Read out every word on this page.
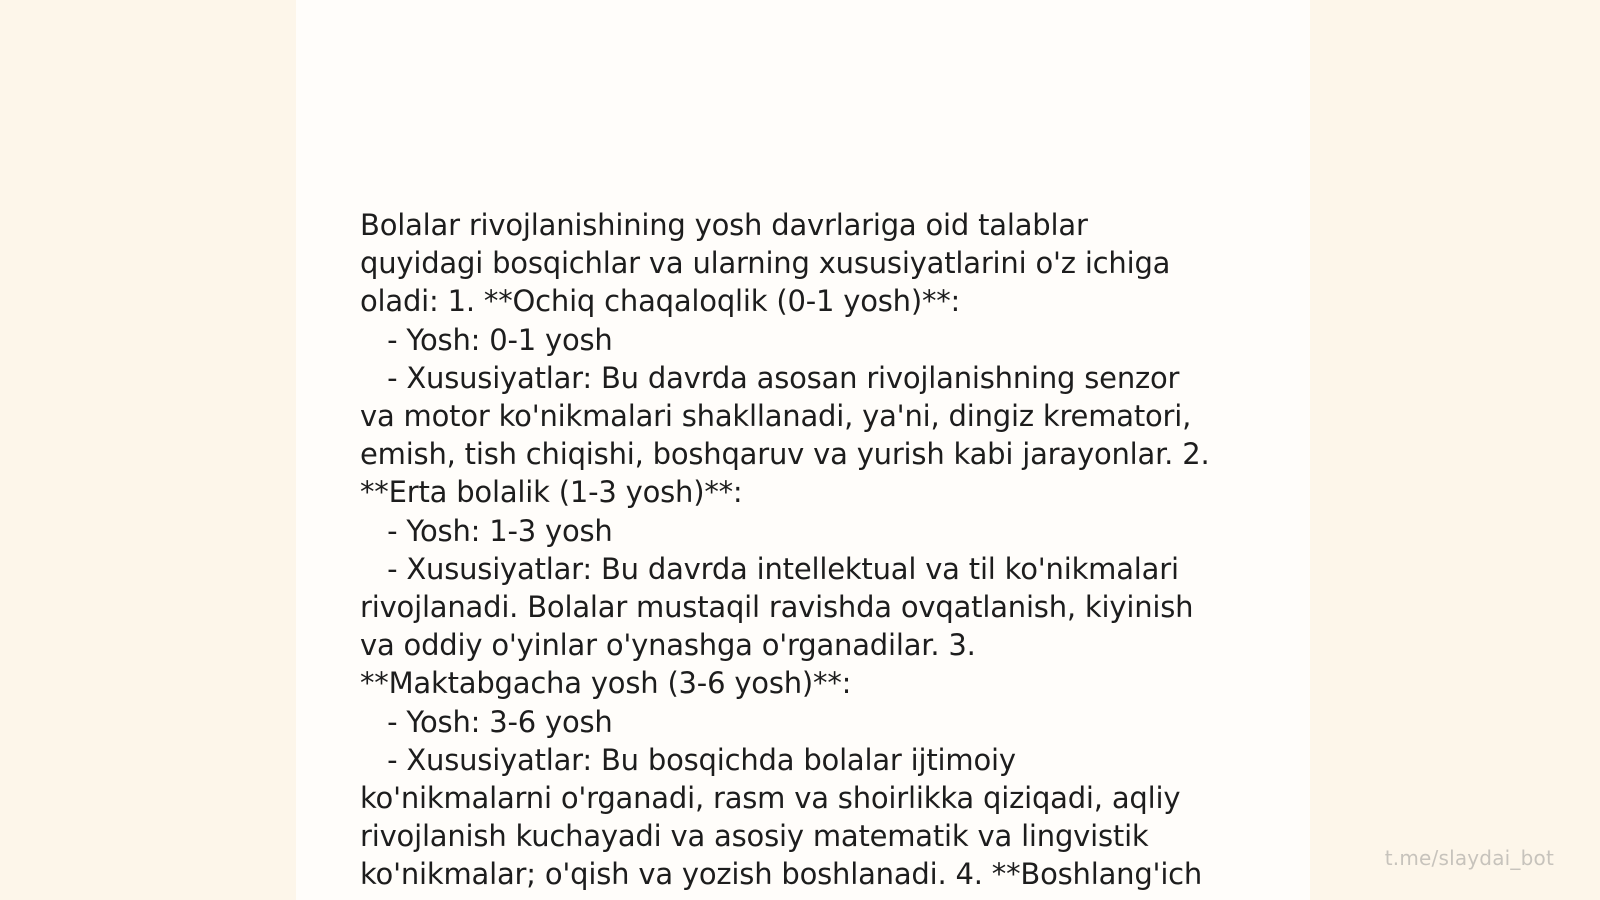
Bolalar rivojlanishining yosh davrlariga oid talablar
quyidagi bosqichlar va ularning xususiyatlarini o'z ichiga
oladi: 1. **Ochiq chaqaloqlik (0-1 yosh)**:
- Yosh: 0-1 yosh
- Xususiyatlar: Bu davrda asosan rivojlanishning senzor
va motor ko'nikmalari shakllanadi, ya'ni, dingiz krematori,
emish, tish chiqishi, boshqaruv va yurish kabi jarayonlar. 2.
**Erta bolalik (1-3 yosh)**:
- Yosh: 1-3 yosh
- Xususiyatlar: Bu davrda intellektual va til ko'nikmalari
rivojlanadi. Bolalar mustaqil ravishda ovqatlanish, kiyinish
va oddiy o'yinlar o'ynashga o'rganadilar. 3.
**Maktabgacha yosh (3-6 yosh)**:
- Yosh: 3-6 yosh
- Xususiyatlar: Bu bosqichda bolalar ijtimoiy
ko'nikmalarni o'rganadi, rasm va shoirlikka qiziqadi, aqliy
rivojlanish kuchayadi va asosiy matematik va lingvistik
ko'nikmalar; o'qish va yozish boshlanadi. 4. **Boshlang'ich	t.me/slaydai_bot
